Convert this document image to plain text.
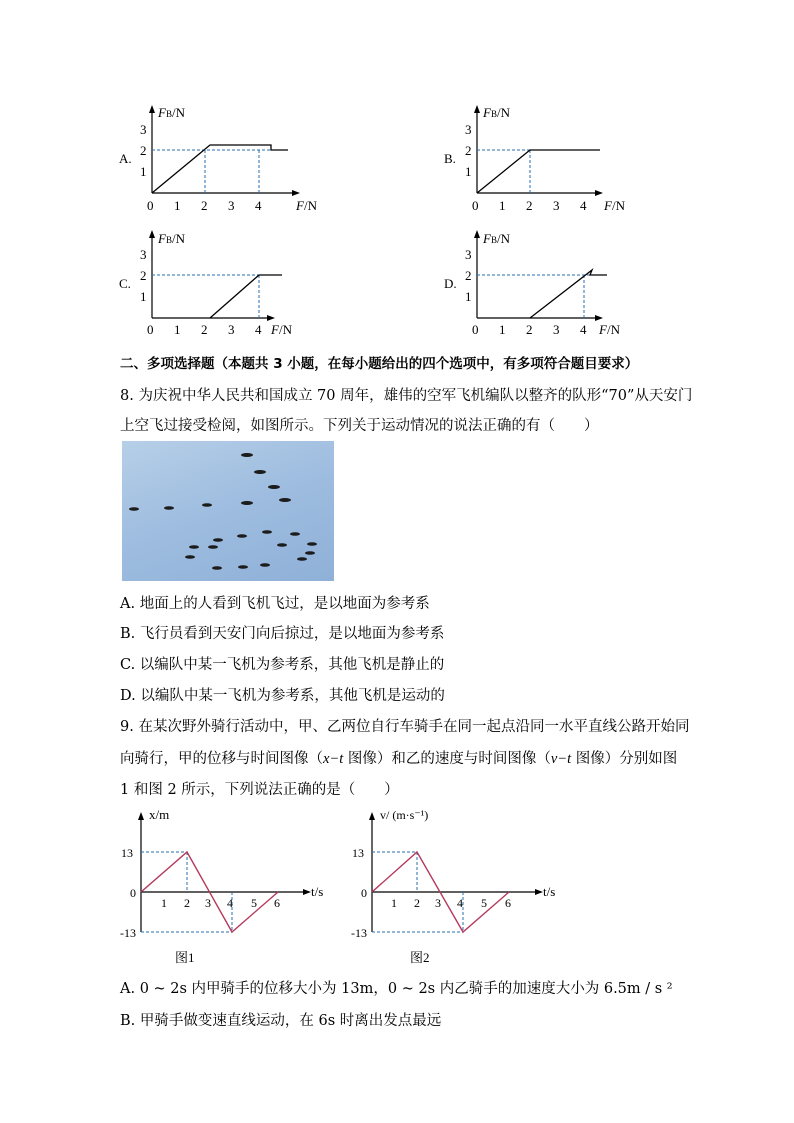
A.
FB/N
3
2
1
0 1 2 3 4	F/N
B.
FB/N
3
2
1
0 1 2 3 4 F/N
C.
FB/N
3
2
1
0 1 2 3 4 F/N
D.
FB/N
3
2
1
0 1 2 3 4 F/N
二、多项选择题（本题共 3 小题，在每小题给出的四个选项中，有多项符合题目要求）
8. 为庆祝中华人民共和国成立 70 周年，雄伟的空军飞机编队以整齐的队形“70”从天安门
上空飞过接受检阅，如图所示。下列关于运动情况的说法正确的有（　　）
A. 地面上的人看到飞机飞过，是以地面为参考系
B. 飞行员看到天安门向后掠过，是以地面为参考系
C. 以编队中某一飞机为参考系，其他飞机是静止的
D. 以编队中某一飞机为参考系，其他飞机是运动的
9. 在某次野外骑行活动中，甲、乙两位自行车骑手在同一起点沿同一水平直线公路开始同
向骑行，甲的位移与时间图像（x−t 图像）和乙的速度与时间图像（v−t 图像）分别如图
1 和图 2 所示，下列说法正确的是（　　）
x/m
t/s
13
0
-13
1 2 3 4 5 6
图1
v/ (m·s⁻¹)
t/s
13
0
-13
1 2 3 4 5 6
图2
A. 0 ~ 2s 内甲骑手的位移大小为 13m，0 ~ 2s 内乙骑手的加速度大小为 6.5m / s ²
B. 甲骑手做变速直线运动，在 6s 时离出发点最远
